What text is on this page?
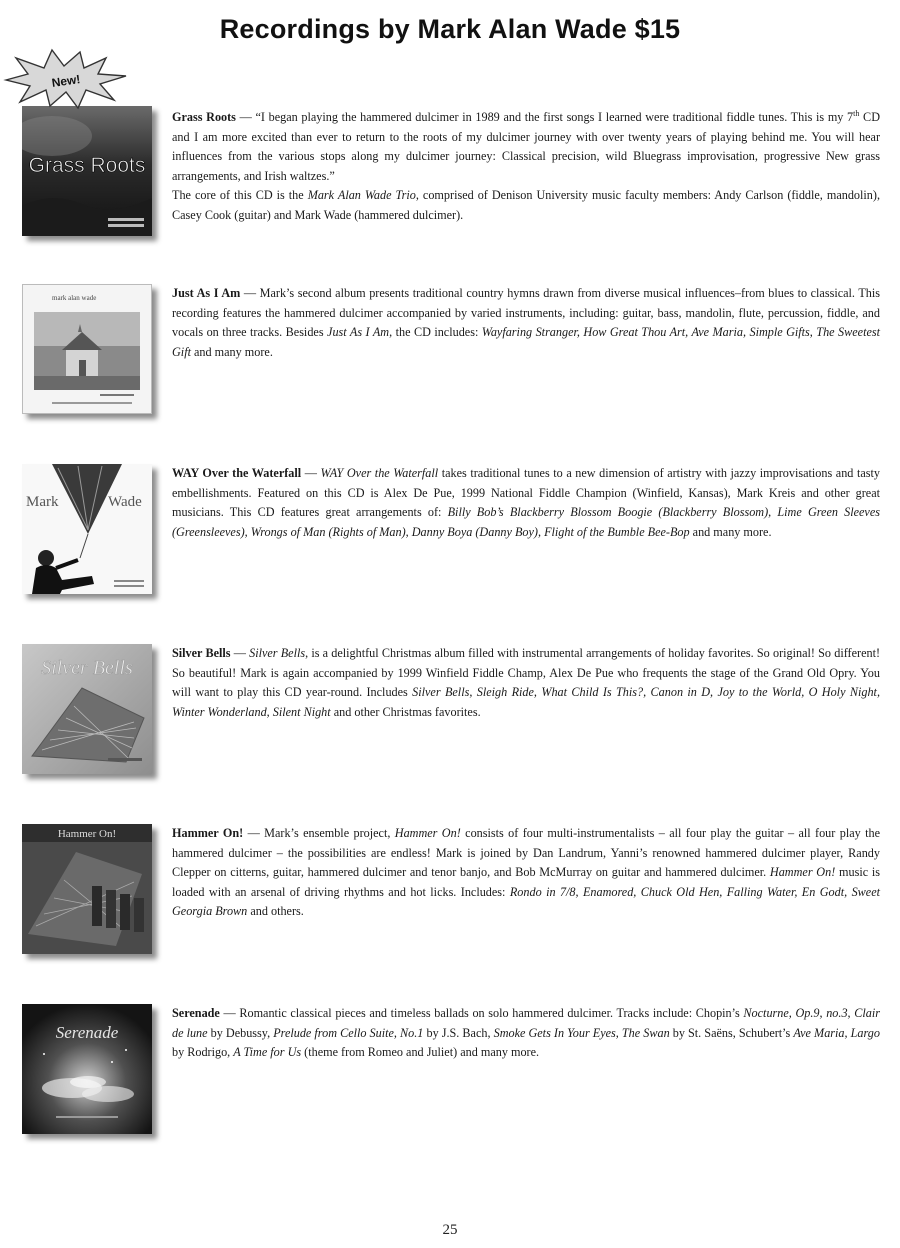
Recordings by Mark Alan Wade $15
New!
Grass Roots

Grass Roots — “I began playing the hammered dulcimer in 1989 and the first songs I learned were traditional fiddle tunes. This is my 7th CD and I am more excited than ever to return to the roots of my dulcimer journey with over twenty years of playing behind me. You will hear influences from the various stops along my dulcimer journey: Classical precision, wild Bluegrass improvisation, progressive New grass arrangements, and Irish waltzes.”

The core of this CD is the Mark Alan Wade Trio, comprised of Denison University music faculty members: Andy Carlson (fiddle, mandolin), Casey Cook (guitar) and Mark Wade (hammered dulcimer).

mark alan wade	Just As I Am — Mark’s second album presents traditional country hymns drawn from diverse musical influences–from blues to classical. This recording features the hammered dulcimer accompanied by varied instruments, including: guitar, bass, mandolin, flute, percussion, fiddle, and vocals on three tracks. Besides Just As I Am, the CD includes: Wayfaring Stranger, How Great Thou Art, Ave Maria, Simple Gifts, The Sweetest Gift and many more.

Mark	Wade

WAY Over the Waterfall — WAY Over the Waterfall takes traditional tunes to a new dimension of artistry with jazzy improvisations and tasty embellishments. Featured on this CD is Alex De Pue, 1999 National Fiddle Champion (Winfield, Kansas), Mark Kreis and other great musicians. This CD features great arrangements of: Billy Bob’s Blackberry Blossom Boogie (Blackberry Blossom), Lime Green Sleeves (Greensleeves), Wrongs of Man (Rights of Man), Danny Boya (Danny Boy), Flight of the Bumble Bee-Bop and many more.

Silver Bells

Silver Bells — Silver Bells, is a delightful Christmas album filled with instrumental arrangements of holiday favorites. So original! So different! So beautiful! Mark is again accompanied by 1999 Winfield Fiddle Champ, Alex De Pue who frequents the stage of the Grand Old Opry. You will want to play this CD year-round. Includes Silver Bells, Sleigh Ride, What Child Is This?, Canon in D, Joy to the World, O Holy Night, Winter Wonderland, Silent Night and other Christmas favorites.

Hammer On!	Hammer On! — Mark’s ensemble project, Hammer On! consists of four multi-instrumentalists – all four play the guitar – all four play the hammered dulcimer – the possibilities are endless! Mark is joined by Dan Landrum, Yanni’s renowned hammered dulcimer player, Randy Clepper on citterns, guitar, hammered dulcimer and tenor banjo, and Bob McMurray on guitar and hammered dulcimer. Hammer On! music is loaded with an arsenal of driving rhythms and hot licks. Includes: Rondo in 7/8, Enamored, Chuck Old Hen, Falling Water, En Godt, Sweet Georgia Brown and others.

Serenade

Serenade — Romantic classical pieces and timeless ballads on solo hammered dulcimer. Tracks include: Chopin’s Nocturne, Op.9, no.3, Clair de lune by Debussy, Prelude from Cello Suite, No.1 by J.S. Bach, Smoke Gets In Your Eyes, The Swan by St. Saëns, Schubert’s Ave Maria, Largo by Rodrigo, A Time for Us (theme from Romeo and Juliet) and many more.

25
